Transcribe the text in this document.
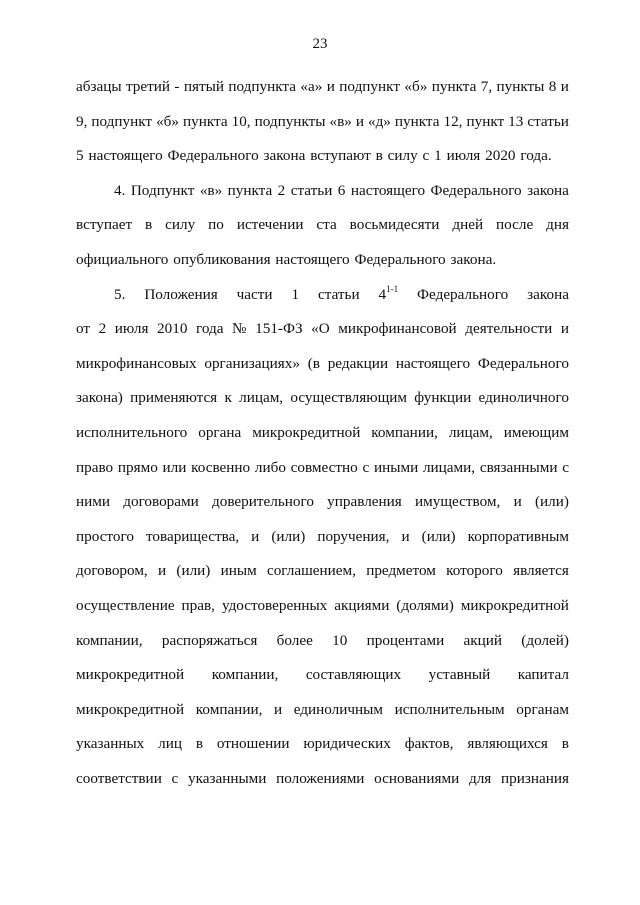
23
абзацы третий - пятый подпункта «а» и подпункт «б» пункта 7, пункты 8 и
9, подпункт «б» пункта 10, подпункты «в» и «д» пункта 12, пункт 13 статьи
5 настоящего Федерального закона вступают в силу с 1 июля 2020 года.
4. Подпункт «в» пункта 2 статьи 6 настоящего Федерального закона
вступает в силу по истечении ста восьмидесяти дней после дня
официального опубликования настоящего Федерального закона.
5. Положения части 1 статьи 4$^{1-1}$ Федерального закона
от 2 июля 2010 года № 151-ФЗ «О микрофинансовой деятельности и
микрофинансовых организациях» (в редакции настоящего Федерального
закона) применяются к лицам, осуществляющим функции единоличного
исполнительного органа микрокредитной компании, лицам, имеющим
право прямо или косвенно либо совместно с иными лицами, связанными с
ними договорами доверительного управления имуществом, и (или)
простого товарищества, и (или) поручения, и (или) корпоративным
договором, и (или) иным соглашением, предметом которого является
осуществление прав, удостоверенных акциями (долями) микрокредитной
компании, распоряжаться более 10 процентами акций (долей)
микрокредитной компании, составляющих уставный капитал
микрокредитной компании, и единоличным исполнительным органам
указанных лиц в отношении юридических фактов, являющихся в
соответствии с указанными положениями основаниями для признания
